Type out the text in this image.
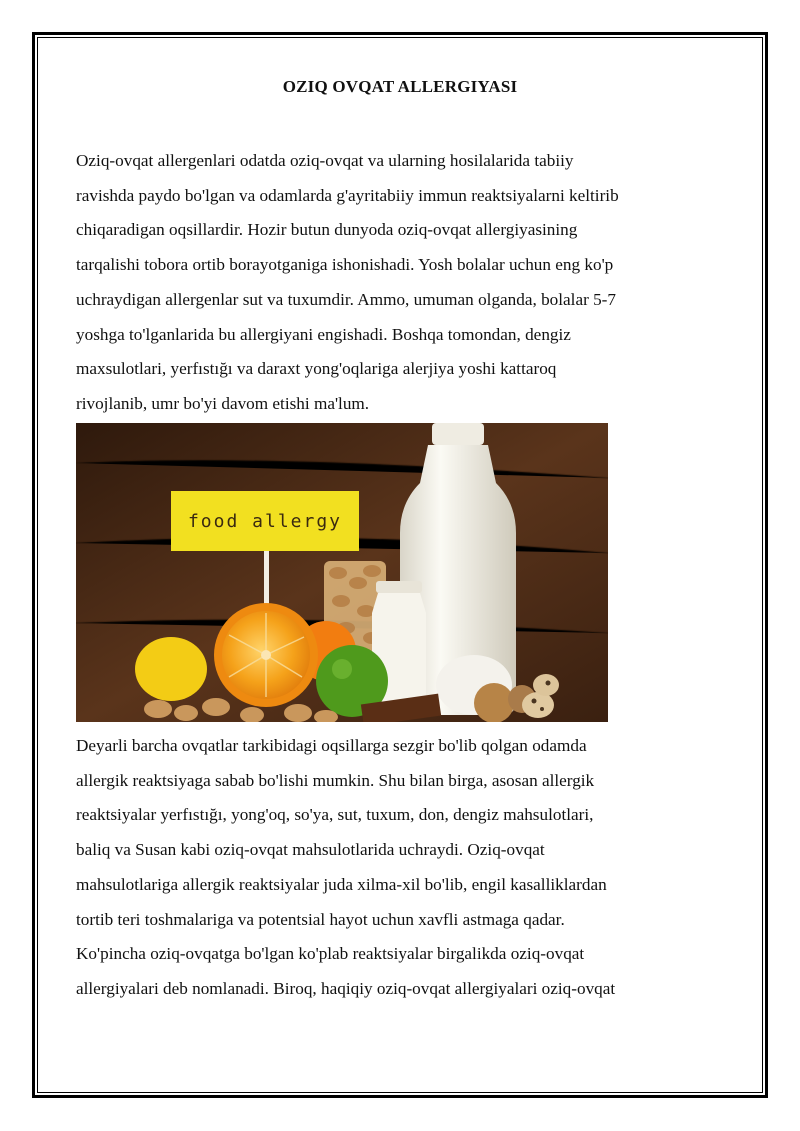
OZIQ OVQAT ALLERGIYASI
Oziq-ovqat allergenlari odatda oziq-ovqat va ularning hosilalarida tabiiy
ravishda paydo bo'lgan va odamlarda g'ayritabiiy immun reaktsiyalarni keltirib
chiqaradigan oqsillardir. Hozir butun dunyoda oziq-ovqat allergiyasining
tarqalishi tobora ortib borayotganiga ishonishadi. Yosh bolalar uchun eng ko'p
uchraydigan allergenlar sut va tuxumdir. Ammo, umuman olganda, bolalar 5-7
yoshga to'lganlarida bu allergiyani engishadi. Boshqa tomondan, dengiz
maxsulotlari, yerfıstığı va daraxt yong'oqlariga alerjiya yoshi kattaroq
rivojlanib, umr bo'yi davom etishi ma'lum.
food allergy
Deyarli barcha ovqatlar tarkibidagi oqsillarga sezgir bo'lib qolgan odamda
allergik reaktsiyaga sabab bo'lishi mumkin. Shu bilan birga, asosan allergik
reaktsiyalar yerfıstığı, yong'oq, so'ya, sut, tuxum, don, dengiz mahsulotlari,
baliq va Susan kabi oziq-ovqat mahsulotlarida uchraydi. Oziq-ovqat
mahsulotlariga allergik reaktsiyalar juda xilma-xil bo'lib, engil kasalliklardan
tortib teri toshmalariga va potentsial hayot uchun xavfli astmaga qadar.
Ko'pincha oziq-ovqatga bo'lgan ko'plab reaktsiyalar birgalikda oziq-ovqat
allergiyalari deb nomlanadi. Biroq, haqiqiy oziq-ovqat allergiyalari oziq-ovqat
